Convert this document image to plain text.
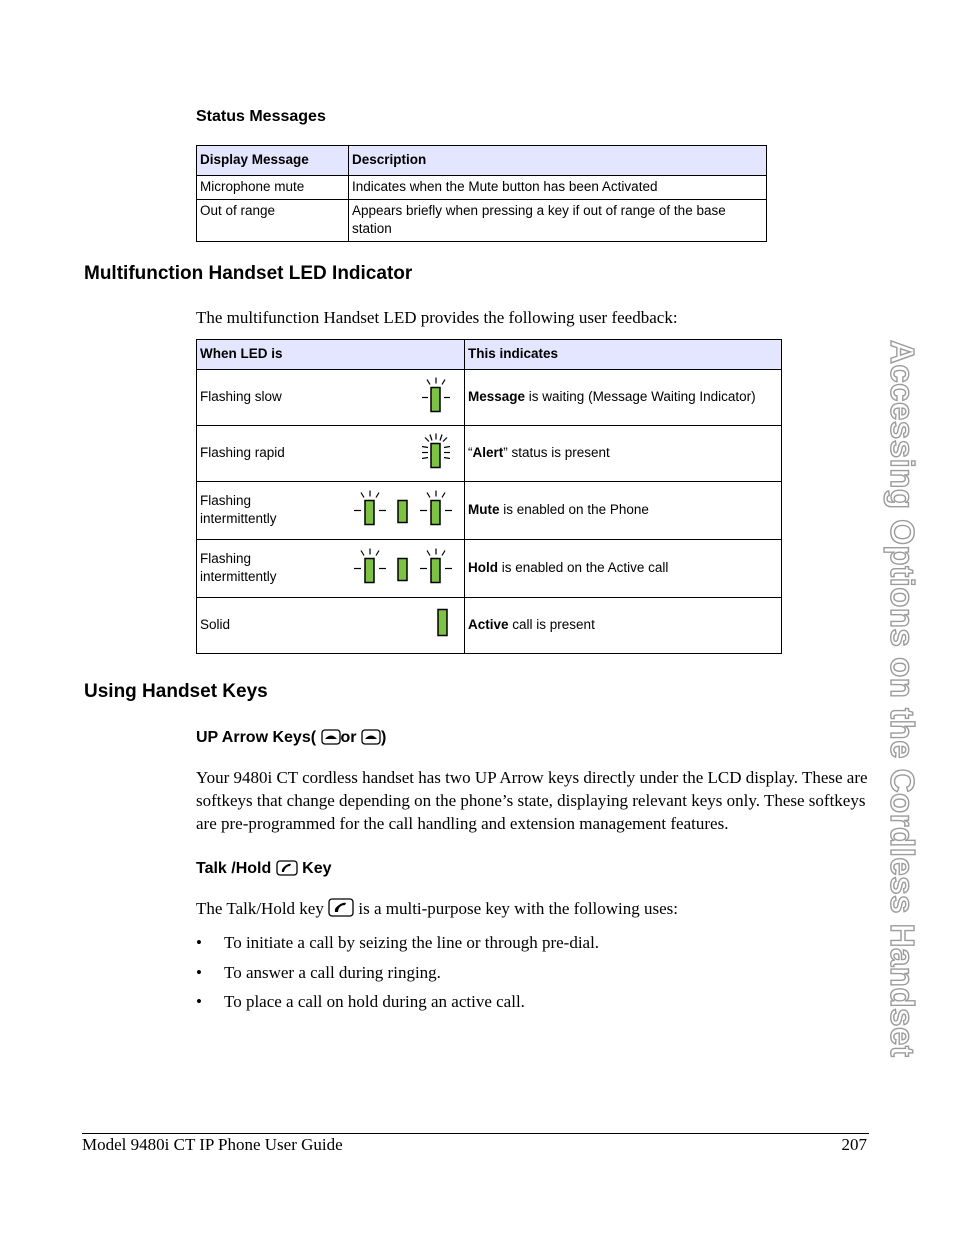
Status Messages
Display Message	Description
Microphone mute	Indicates when the Mute button has been Activated
Out of range	Appears briefly when pressing a key if out of range of the base station
Multifunction Handset LED Indicator

The multifunction Handset LED provides the following user feedback:

When LED is	This indicates
Flashing slow	Message is waiting (Message Waiting Indicator)
Flashing rapid	“Alert” status is present
Flashing intermittently	Mute is enabled on the Phone
Flashing intermittently	Hold is enabled on the Active call
Solid	Active call is present
Using Handset Keys
UP Arrow Keys( or )

Your 9480i CT cordless handset has two UP Arrow keys directly under the LCD display. These are softkeys that change depending on the phone’s state, displaying relevant keys only. These softkeys are pre-programmed for the call handling and extension management features.

Talk /Hold Key

The Talk/Hold key is a multi-purpose key with the following uses:

• To initiate a call by seizing the line or through pre-dial.
• To answer a call during ringing.
• To place a call on hold during an active call.	Accessing Options on the Cordless Handset
Model 9480i CT IP Phone User Guide	207
